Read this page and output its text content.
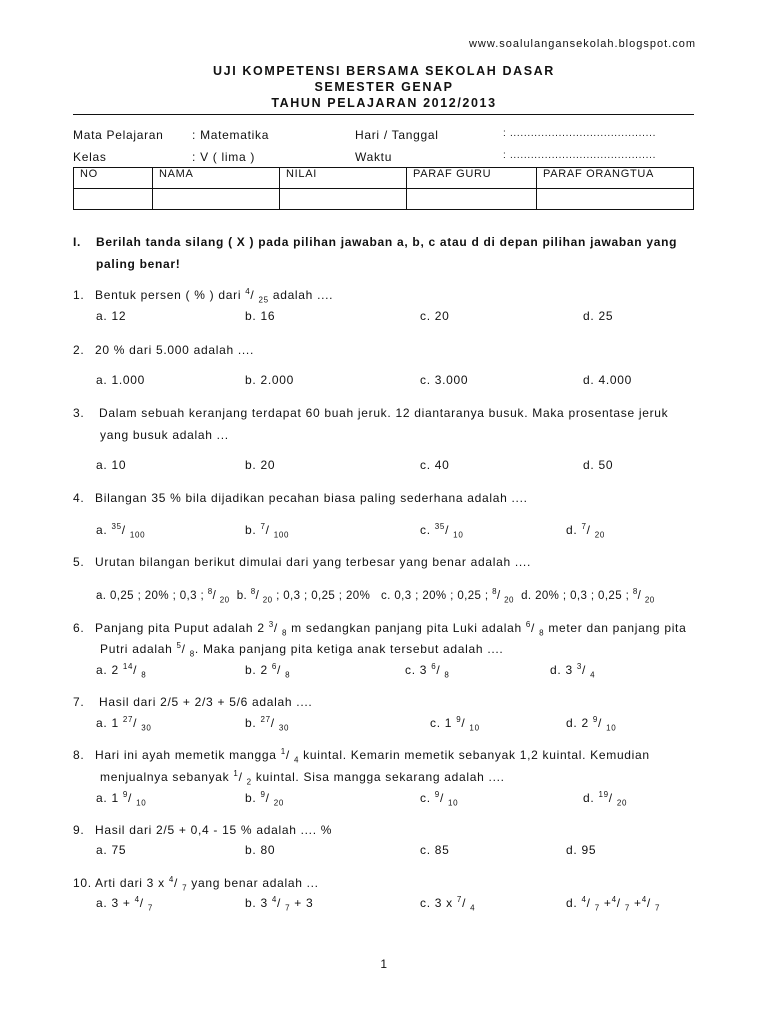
www.soalulangansekolah.blogspot.com
UJI KOMPETENSI BERSAMA SEKOLAH DASAR
SEMESTER GENAP
TAHUN PELAJARAN 2012/2013
Mata Pelajaran : Matematika	Hari / Tanggal	: ..........................................
Kelas	: V ( lima )	Waktu	: ..........................................
NO	NAMA	NILAI	PARAF GURU	PARAF ORANGTUA

I. Berilah tanda silang ( X ) pada pilihan jawaban a, b, c atau d di depan pilihan jawaban yang
paling benar!
1. Bentuk persen ( % ) dari $^4$/ $_{25}$ adalah ....
a. 12	b. 16	c. 20	d. 25
2. 20 % dari 5.000 adalah ....
a. 1.000	b. 2.000	c. 3.000	d. 4.000
3. Dalam sebuah keranjang terdapat 60 buah jeruk. 12 diantaranya busuk. Maka prosentase jeruk
yang busuk adalah ...
a. 10	b. 20	c. 40	d. 50
4. Bilangan 35 % bila dijadikan pecahan biasa paling sederhana adalah ....
a. $^{35}$/ $_{100}$	b. $^7$/ $_{100}$	c. $^{35}$/ $_{10}$	d. $^7$/ $_{20}$
5. Urutan bilangan berikut dimulai dari yang terbesar yang benar adalah ....
a. 0,25 ; 20% ; 0,3 ; $^8$/ $_{20}$ b. $^8$/ $_{20}$ ; 0,3 ; 0,25 ; 20% c. 0,3 ; 20% ; 0,25 ; $^8$/ $_{20}$ d. 20% ; 0,3 ; 0,25 ; $^8$/ $_{20}$
6. Panjang pita Puput adalah 2 $^3$/ $_8$ m sedangkan panjang pita Luki adalah $^6$/ $_8$ meter dan panjang pita
Putri adalah $^5$/ $_8$. Maka panjang pita ketiga anak tersebut adalah ....
a. 2 $^{14}$/ $_8$	b. 2 $^6$/ $_8$	c. 3 $^6$/ $_8$	d. 3 $^3$/ $_4$
7. Hasil dari 2/5 + 2/3 + 5/6 adalah ....
a. 1 $^{27}$/ $_{30}$	b. $^{27}$/ $_{30}$	c. 1 $^9$/ $_{10}$	d. 2 $^9$/ $_{10}$
8. Hari ini ayah memetik mangga $^1$/ $_4$ kuintal. Kemarin memetik sebanyak 1,2 kuintal. Kemudian
menjualnya sebanyak $^1$/ $_2$ kuintal. Sisa mangga sekarang adalah ....
a. 1 $^9$/ $_{10}$	b. $^9$/ $_{20}$	c. $^9$/ $_{10}$	d. $^{19}$/ $_{20}$
9. Hasil dari 2/5 + 0,4 - 15 % adalah .... %
a. 75	b. 80	c. 85	d. 95
10. Arti dari 3 x $^4$/ $_7$ yang benar adalah ...
a. 3 + $^4$/ $_7$	b. 3 $^4$/ $_7$ + 3	c. 3 x $^7$/ $_4$	d. $^4$/ $_7$ +$^4$/ $_7$ +$^4$/ $_7$
1
